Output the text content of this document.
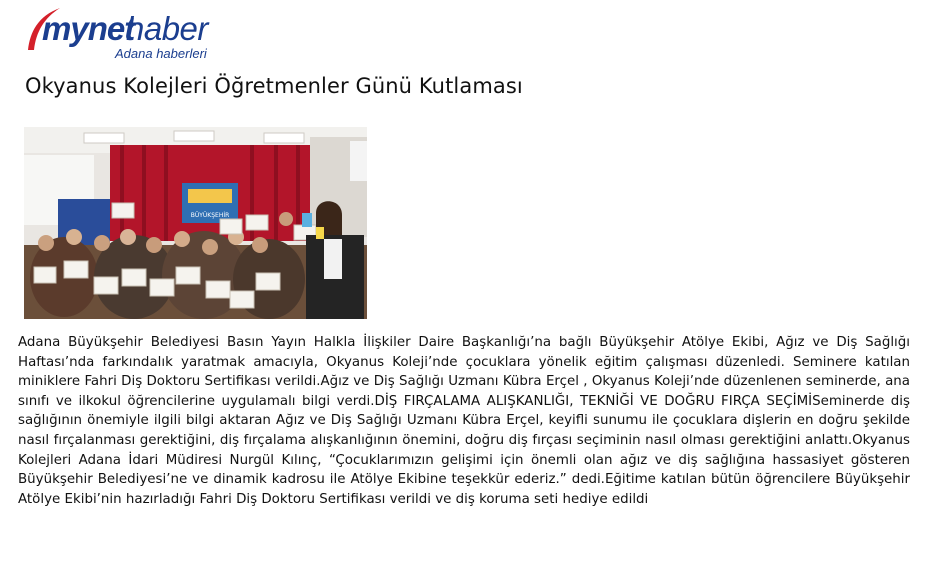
mynet
haber
Adana haberleri
Okyanus Kolejleri Öğretmenler Günü Kutlaması
BÜYÜKŞEHİR

Adana Büyükşehir Belediyesi Basın Yayın Halkla İlişkiler Daire Başkanlığı’na bağlı Büyükşehir Atölye Ekibi, Ağız ve Diş Sağlığı Haftası’nda farkındalık yaratmak amacıyla, Okyanus Koleji’nde çocuklara yönelik eğitim çalışması düzenledi. Seminere katılan miniklere Fahri Diş Doktoru Sertifikası verildi.Ağız ve Diş Sağlığı Uzmanı Kübra Erçel , Okyanus Koleji’nde düzenlenen seminerde, ana sınıfı ve ilkokul öğrencilerine uygulamalı bilgi verdi.DİŞ FIRÇALAMA ALIŞKANLIĞI, TEKNİĞİ VE DOĞRU FIRÇA SEÇİMİSeminerde diş sağlığının önemiyle ilgili bilgi aktaran Ağız ve Diş Sağlığı Uzmanı Kübra Erçel, keyifli sunumu ile çocuklara dişlerin en doğru şekilde nasıl fırçalanması gerektiğini, diş fırçalama alışkanlığının önemini, doğru diş fırçası seçiminin nasıl olması gerektiğini anlattı.Okyanus Kolejleri Adana İdari Müdiresi Nurgül Kılınç, “Çocuklarımızın gelişimi için önemli olan ağız ve diş sağlığına hassasiyet gösteren Büyükşehir Belediyesi’ne ve dinamik kadrosu ile Atölye Ekibine teşekkür ederiz.” dedi.Eğitime katılan bütün öğrencilere Büyükşehir Atölye Ekibi’nin hazırladığı Fahri Diş Doktoru Sertifikası verildi ve diş koruma seti hediye edildi
